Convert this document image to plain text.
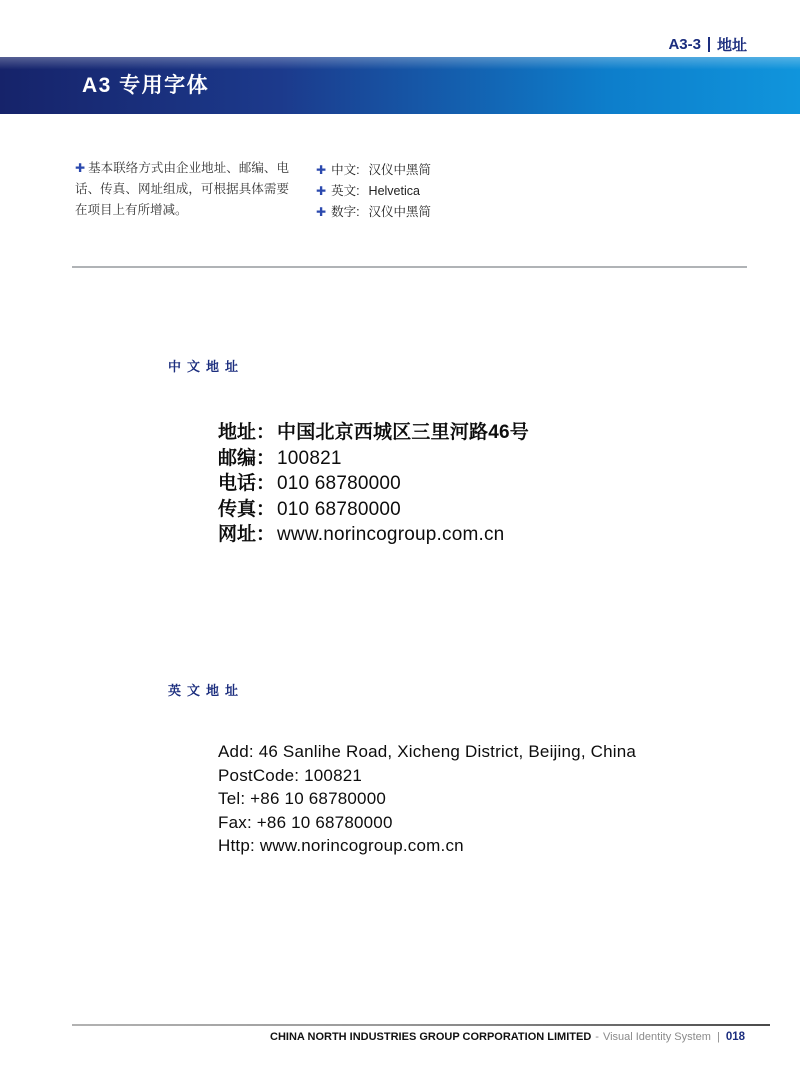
A3-3 地址
A3 专用字体

✚ 基本联络方式由企业地址、邮编、电话、传真、网址组成，可根据具体需要在项目上有所增减。

✚ 中文: 汉仪中黑简
✚ 英文: Helvetica
✚ 数字: 汉仪中黑简
中文地址
地址： 中国北京西城区三里河路46号
邮编： 100821
电话： 010 68780000
传真： 010 68780000
网址： www.norincogroup.com.cn
英文地址
Add: 46 Sanlihe Road, Xicheng District, Beijing, China
PostCode: 100821
Tel: +86 10 68780000
Fax: +86 10 68780000
Http: www.norincogroup.com.cn
CHINA NORTH INDUSTRIES GROUP CORPORATION LIMITED - Visual Identity System | 018
